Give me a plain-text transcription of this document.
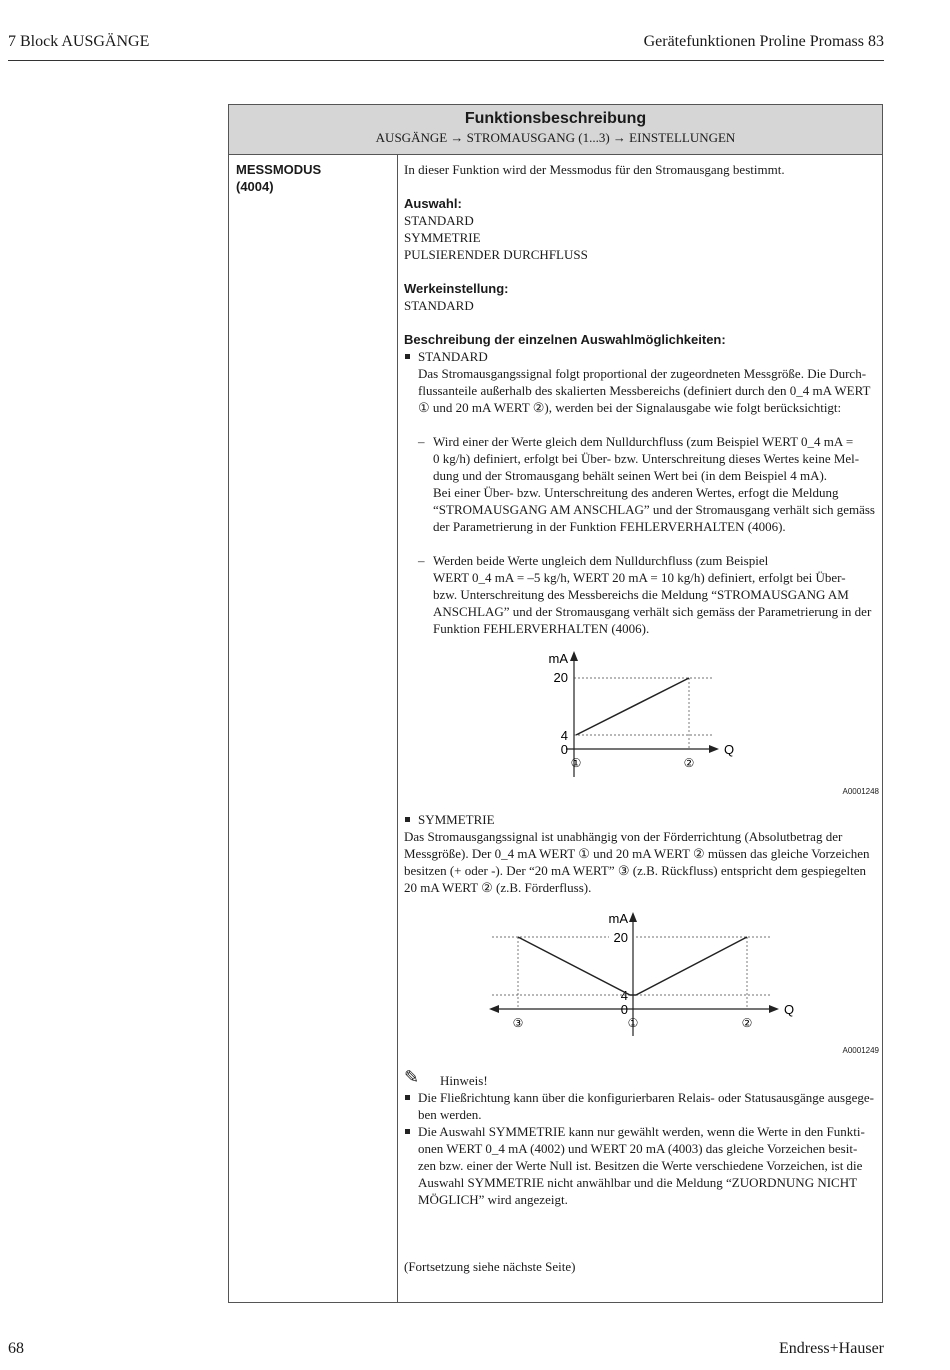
7 Block AUSGÄNGE	Gerätefunktionen Proline Promass 83
Funktionsbeschreibung
AUSGÄNGE → STROMAUSGANG (1...3) → EINSTELLUNGEN
MESSMODUS
(4004)

In dieser Funktion wird der Messmodus für den Stromausgang bestimmt.

Auswahl:

STANDARD

SYMMETRIE

PULSIERENDER DURCHFLUSS

Werkeinstellung:

STANDARD

Beschreibung der einzelnen Auswahlmöglichkeiten:

STANDARD

Das Stromausgangssignal folgt proportional der zugeordneten Messgröße. Die Durch-

flussanteile außerhalb des skalierten Messbereichs (definiert durch den 0_4 mA WERT

① und 20 mA WERT ②), werden bei der Signalausgabe wie folgt berücksichtigt:

– Wird einer der Werte gleich dem Nulldurchfluss (zum Beispiel WERT 0_4 mA =

0 kg/h) definiert, erfolgt bei Über- bzw. Unterschreitung dieses Wertes keine Mel-

dung und der Stromausgang behält seinen Wert bei (in dem Beispiel 4 mA).

Bei einer Über- bzw. Unterschreitung des anderen Wertes, erfogt die Meldung

“STROMAUSGANG AM ANSCHLAG” und der Stromausgang verhält sich gemäss

der Parametrierung in der Funktion FEHLERVERHALTEN (4006).

– Werden beide Werte ungleich dem Nulldurchfluss (zum Beispiel

WERT 0_4 mA = –5 kg/h, WERT 20 mA = 10 kg/h) definiert, erfolgt bei Über-

bzw. Unterschreitung des Messbereichs die Meldung “STROMAUSGANG AM

ANSCHLAG” und der Stromausgang verhält sich gemäss der Parametrierung in der

Funktion FEHLERVERHALTEN (4006).

mA
Q
20
4
0
①	②
A0001248

SYMMETRIE

Das Stromausgangssignal ist unabhängig von der Förderrichtung (Absolutbetrag der

Messgröße). Der 0_4 mA WERT ① und 20 mA WERT ② müssen das gleiche Vorzeichen

besitzen (+ oder -). Der “20 mA WERT” ③ (z.B. Rückfluss) entspricht dem gespiegelten

20 mA WERT ② (z.B. Förderfluss).

mA
Q
20
4
0
③	①	②
A0001249
✎ Hinweis!

Die Fließrichtung kann über die konfigurierbaren Relais- oder Statusausgänge ausgege-

ben werden.

Die Auswahl SYMMETRIE kann nur gewählt werden, wenn die Werte in den Funkti-

onen WERT 0_4 mA (4002) und WERT 20 mA (4003) das gleiche Vorzeichen besit-

zen bzw. einer der Werte Null ist. Besitzen die Werte verschiedene Vorzeichen, ist die

Auswahl SYMMETRIE nicht anwählbar und die Meldung “ZUORDNUNG NICHT

MÖGLICH” wird angezeigt.

(Fortsetzung siehe nächste Seite)

68	Endress+Hauser
